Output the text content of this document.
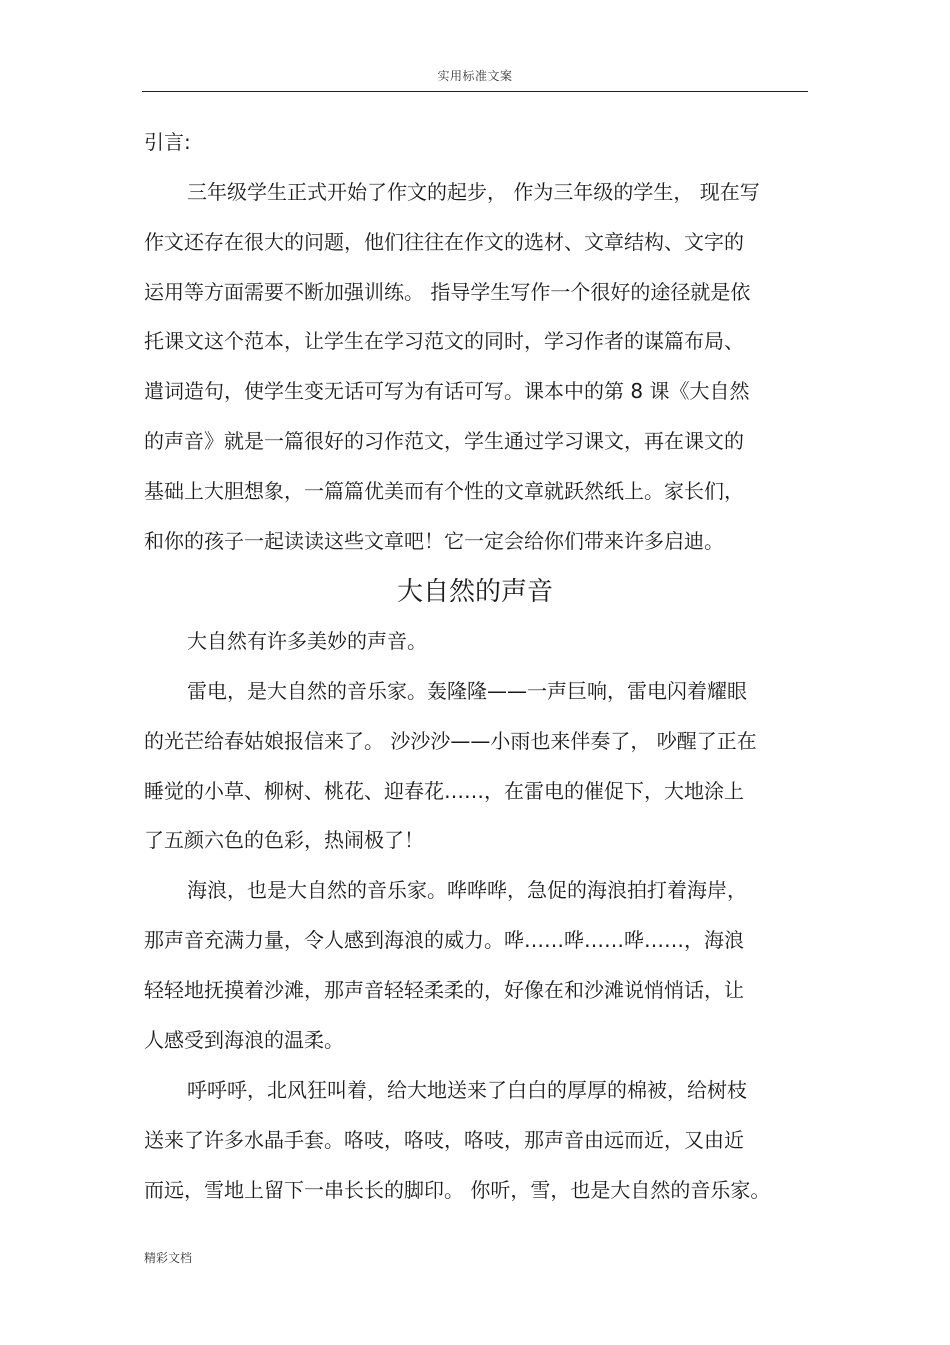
实用标准文案
引言:
三年级学生正式开始了作文的起步， 作为三年级的学生， 现在写
作文还存在很大的问题，他们往往在作文的选材、文章结构、文字的
运用等方面需要不断加强训练。 指导学生写作一个很好的途径就是依
托课文这个范本，让学生在学习范文的同时，学习作者的谋篇布局、
遣词造句，使学生变无话可写为有话可写。课本中的第 8 课《大自然
的声音》就是一篇很好的习作范文，学生通过学习课文，再在课文的
基础上大胆想象，一篇篇优美而有个性的文章就跃然纸上。家长们，
和你的孩子一起读读这些文章吧！它一定会给你们带来许多启迪。
大自然的声音
大自然有许多美妙的声音。
雷电，是大自然的音乐家。轰隆隆——一声巨响，雷电闪着耀眼
的光芒给春姑娘报信来了。 沙沙沙——小雨也来伴奏了， 吵醒了正在
睡觉的小草、柳树、桃花、迎春花……，在雷电的催促下，大地涂上
了五颜六色的色彩，热闹极了！
海浪，也是大自然的音乐家。哗哗哗，急促的海浪拍打着海岸，
那声音充满力量，令人感到海浪的威力。哗……哗……哗……，海浪
轻轻地抚摸着沙滩，那声音轻轻柔柔的，好像在和沙滩说悄悄话，让
人感受到海浪的温柔。
呼呼呼，北风狂叫着，给大地送来了白白的厚厚的棉被，给树枝
送来了许多水晶手套。咯吱，咯吱，咯吱，那声音由远而近，又由近
而远，雪地上留下一串长长的脚印。 你听，雪，也是大自然的音乐家。
精彩文档
